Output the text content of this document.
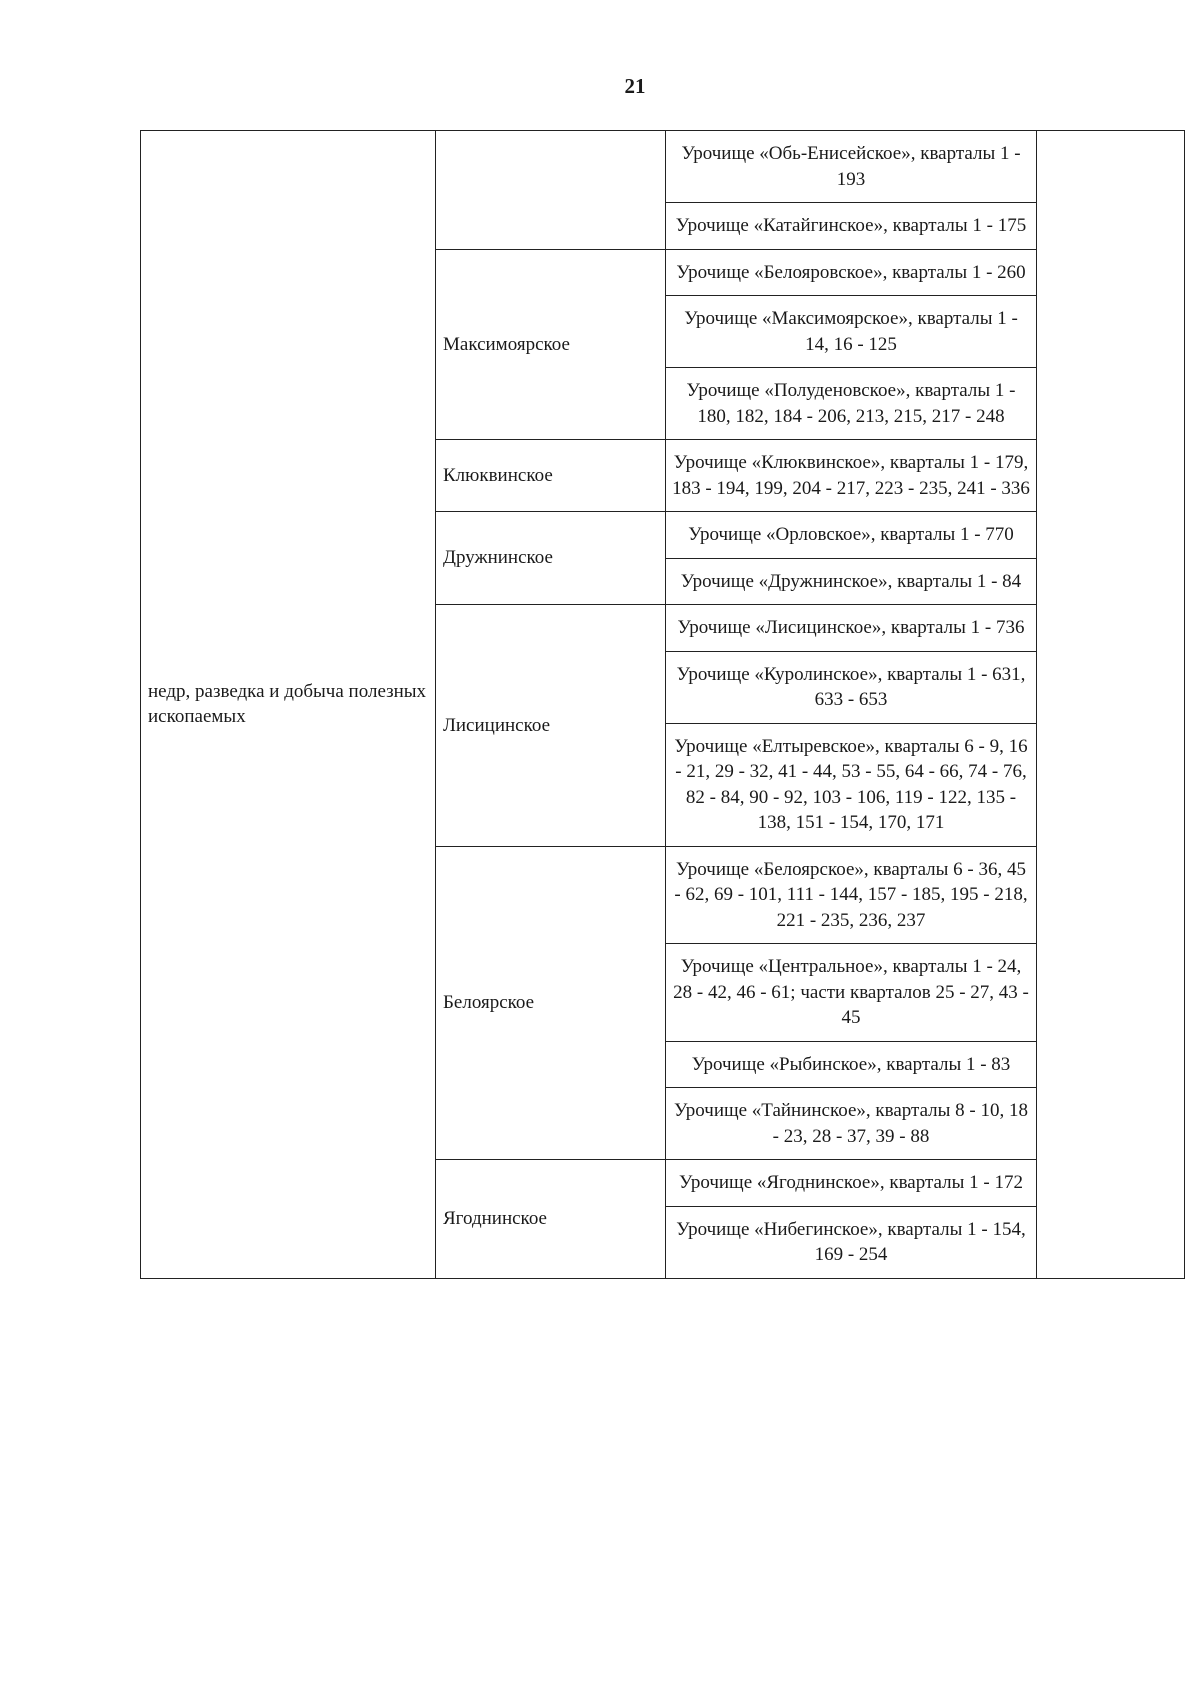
21
недр, разведка и добыча полезных ископаемых		Урочище «Обь-Енисейское», кварталы 1 - 193	
		Урочище «Катайгинское», кварталы 1 - 175	
	Максимоярское	Урочище «Белояровское», кварталы 1 - 260	
		Урочище «Максимоярское», кварталы 1 - 14, 16 - 125	
		Урочище «Полуденовское», кварталы 1 - 180, 182, 184 - 206, 213, 215, 217 - 248	
	Клюквинское	Урочище «Клюквинское», кварталы 1 - 179, 183 - 194, 199, 204 - 217, 223 - 235, 241 - 336	
	Дружнинское	Урочище «Орловское», кварталы 1 - 770	
		Урочище «Дружнинское», кварталы 1 - 84	
	Лисицинское	Урочище «Лисицинское», кварталы 1 - 736	
		Урочище «Куролинское», кварталы 1 - 631, 633 - 653	
		Урочище «Елтыревское», кварталы 6 - 9, 16 - 21, 29 - 32, 41 - 44, 53 - 55, 64 - 66, 74 - 76, 82 - 84, 90 - 92, 103 - 106, 119 - 122, 135 - 138, 151 - 154, 170, 171	
	Белоярское	Урочище «Белоярское», кварталы 6 - 36, 45 - 62, 69 - 101, 111 - 144, 157 - 185, 195 - 218, 221 - 235, 236, 237	
		Урочище «Центральное», кварталы 1 - 24, 28 - 42, 46 - 61; части кварталов 25 - 27, 43 - 45	
		Урочище «Рыбинское», кварталы 1 - 83	
		Урочище «Тайнинское», кварталы 8 - 10, 18 - 23, 28 - 37, 39 - 88	
	Ягоднинское	Урочище «Ягоднинское», кварталы 1 - 172	
		Урочище «Нибегинское», кварталы 1 - 154, 169 - 254	
